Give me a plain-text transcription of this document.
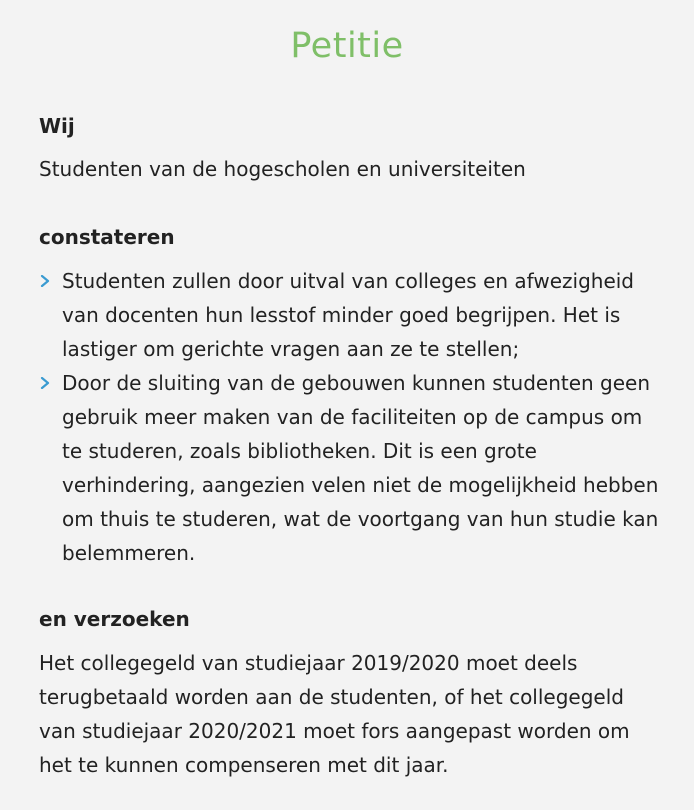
Petitie
Wij

Studenten van de hogescholen en universiteiten

constateren
Studenten zullen door uitval van colleges en afwezigheid van docenten hun lesstof minder goed begrijpen. Het is lastiger om gerichte vragen aan ze te stellen;
Door de sluiting van de gebouwen kunnen studenten geen gebruik meer maken van de faciliteiten op de campus om te studeren, zoals bibliotheken. Dit is een grote verhindering, aangezien velen niet de mogelijkheid hebben om thuis te studeren, wat de voortgang van hun studie kan belemmeren.
en verzoeken

Het collegegeld van studiejaar 2019/2020 moet deels terugbetaald worden aan de studenten, of het collegegeld van studiejaar 2020/2021 moet fors aangepast worden om het te kunnen compenseren met dit jaar.
